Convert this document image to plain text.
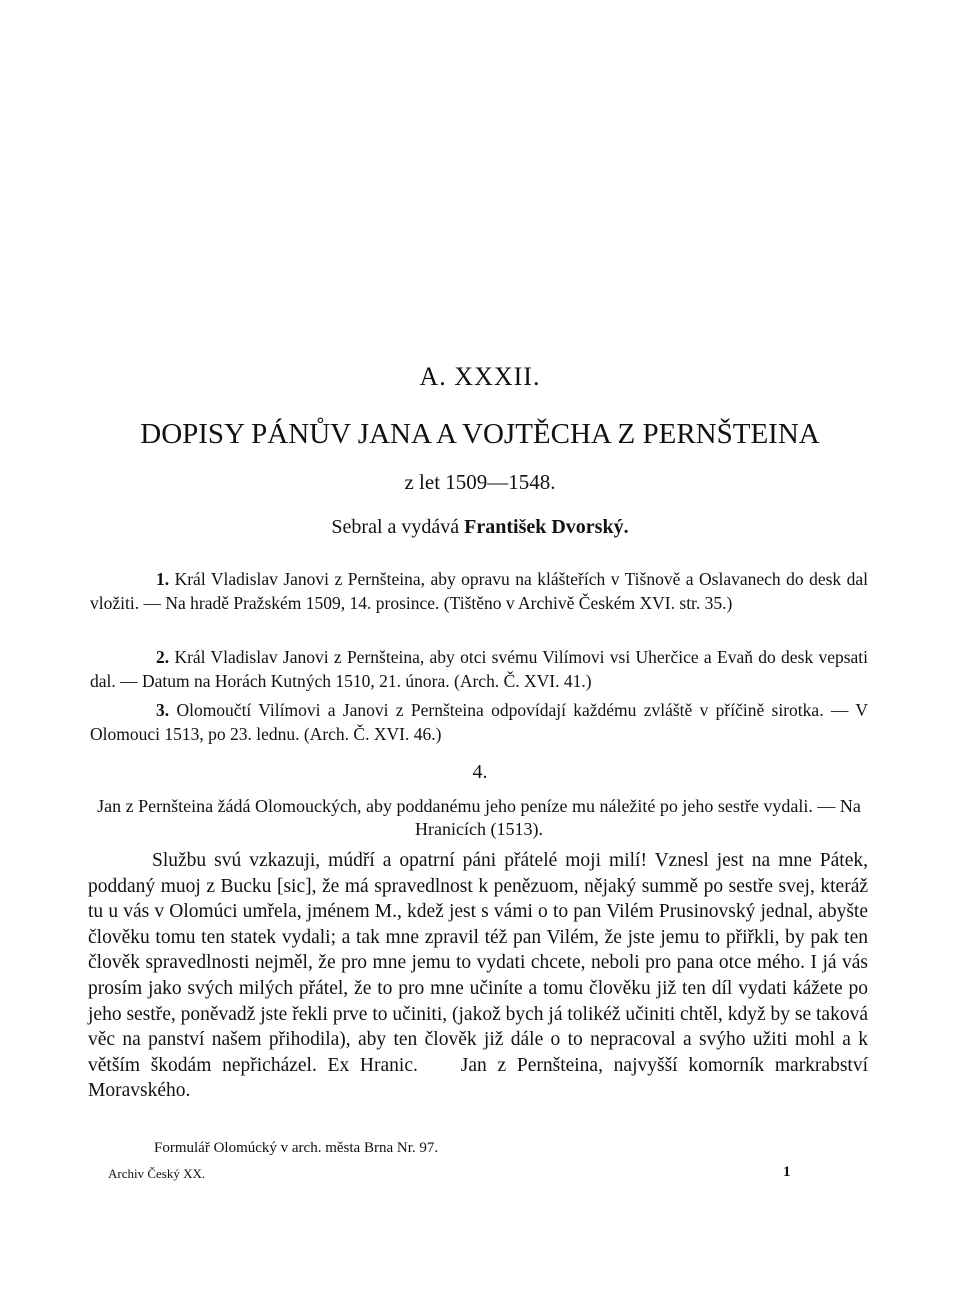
A. XXXII.
DOPISY PÁNŮV JANA A VOJTĚCHA Z PERNŠTEINA
z let 1509—1548.
Sebral a vydává František Dvorský.
1. Král Vladislav Janovi z Pernšteina, aby opravu na klášteřích v Tišnově a Oslavanech do desk dal vložiti. — Na hradě Pražském 1509, 14. prosince. (Tištěno v Archivě Českém XVI. str. 35.)
2. Král Vladislav Janovi z Pernšteina, aby otci svému Vilímovi vsi Uherčice a Evaň do desk vepsati dal. — Datum na Horách Kutných 1510, 21. února. (Arch. Č. XVI. 41.)
3. Olomoučtí Vilímovi a Janovi z Pernšteina odpovídají každému zvláště v příčině sirotka. — V Olomouci 1513, po 23. lednu. (Arch. Č. XVI. 46.)
4.
Jan z Pernšteina žádá Olomouckých, aby poddanému jeho peníze mu náležité po jeho sestře vydali. — Na Hranicích (1513).
Službu svú vzkazuji, múdří a opatrní páni přátelé moji milí! Vznesl jest na mne Pátek, poddaný muoj z Bucku [sic], že má spravedlnost k penězuom, nějaký summě po sestře svej, kteráž tu u vás v Olomúci umřela, jménem M., kdež jest s vámi o to pan Vilém Prusinovský jednal, abyšte člověku tomu ten statek vydali; a tak mne zpravil též pan Vilém, že jste jemu to přiřkli, by pak ten člověk spravedlnosti nejměl, že pro mne jemu to vydati chcete, neboli pro pana otce mého. I já vás prosím jako svých milých přátel, že to pro mne učiníte a tomu člověku již ten díl vydati kážete po jeho sestře, poněvadž jste řekli prve to učiniti, (jakož bych já tolikéž učiniti chtěl, když by se taková věc na panství našem přihodila), aby ten člověk již dále o to nepracoval a svýho užiti mohl a k větším škodám nepřicházel. Ex Hranic. Jan z Pernšteina, najvyšší komorník markrabství Moravského.
Formulář Olomúcký v arch. města Brna Nr. 97.
Archiv Český XX.	1
